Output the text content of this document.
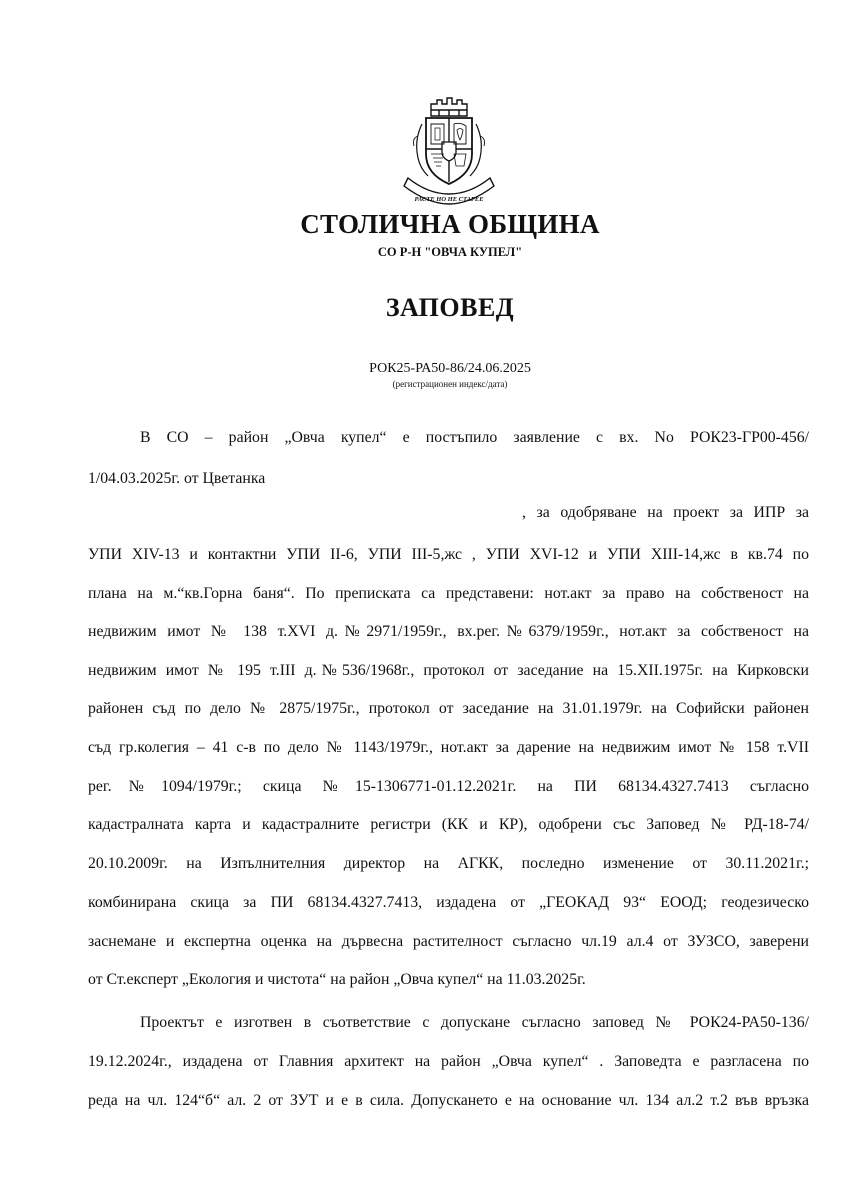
РАСТЕ НО НЕ СТАРЕЕ
СТОЛИЧНА ОБЩИНА
СО Р-Н "ОВЧА КУПЕЛ"
ЗАПОВЕД
РОК25-РА50-86/24.06.2025
(регистрационен индекс/дата)
В СО – район „Овча купел“ е постъпило заявление с вх. No РОК23-ГР00-456/
1/04.03.2025г. от Цветанка
, за одобряване на проект за ИПР за
УПИ XIV-13 и контактни УПИ II-6, УПИ III-5,жс , УПИ XVI-12 и УПИ XIII-14,жс в кв.74 по
плана на м.“кв.Горна баня“. По преписката са представени: нот.акт за право на собственост на
недвижим имот № 138 т.XVI д.№2971/1959г., вх.рег.№6379/1959г., нот.акт за собственост на
недвижим имот № 195 т.III д.№536/1968г., протокол от заседание на 15.XII.1975г. на Кирковски
районен съд по дело № 2875/1975г., протокол от заседание на 31.01.1979г. на Софийски районен
съд гр.колегия – 41 с-в по дело № 1143/1979г., нот.акт за дарение на недвижим имот № 158 т.VII
рег.№1094/1979г.; скица №15-1306771-01.12.2021г. на ПИ 68134.4327.7413 съгласно
кадастралната карта и кадастралните регистри (КК и КР), одобрени със Заповед № РД-18-74/
20.10.2009г. на Изпълнителния директор на АГКК, последно изменение от 30.11.2021г.;
комбинирана скица за ПИ 68134.4327.7413, издадена от „ГЕОКАД 93“ ЕООД; геодезическо
заснемане и експертна оценка на дървесна растителност съгласно чл.19 ал.4 от ЗУЗСО, заверени
от Ст.експерт „Екология и чистота“ на район „Овча купел“ на 11.03.2025г.
Проектът е изготвен в съответствие с допускане съгласно заповед № РОК24-РА50-136/
19.12.2024г., издадена от Главния архитект на район „Овча купел“ . Заповедта е разгласена по
реда на чл. 124“б“ ал. 2 от ЗУТ и е в сила. Допускането е на основание чл. 134 ал.2 т.2 във връзка
